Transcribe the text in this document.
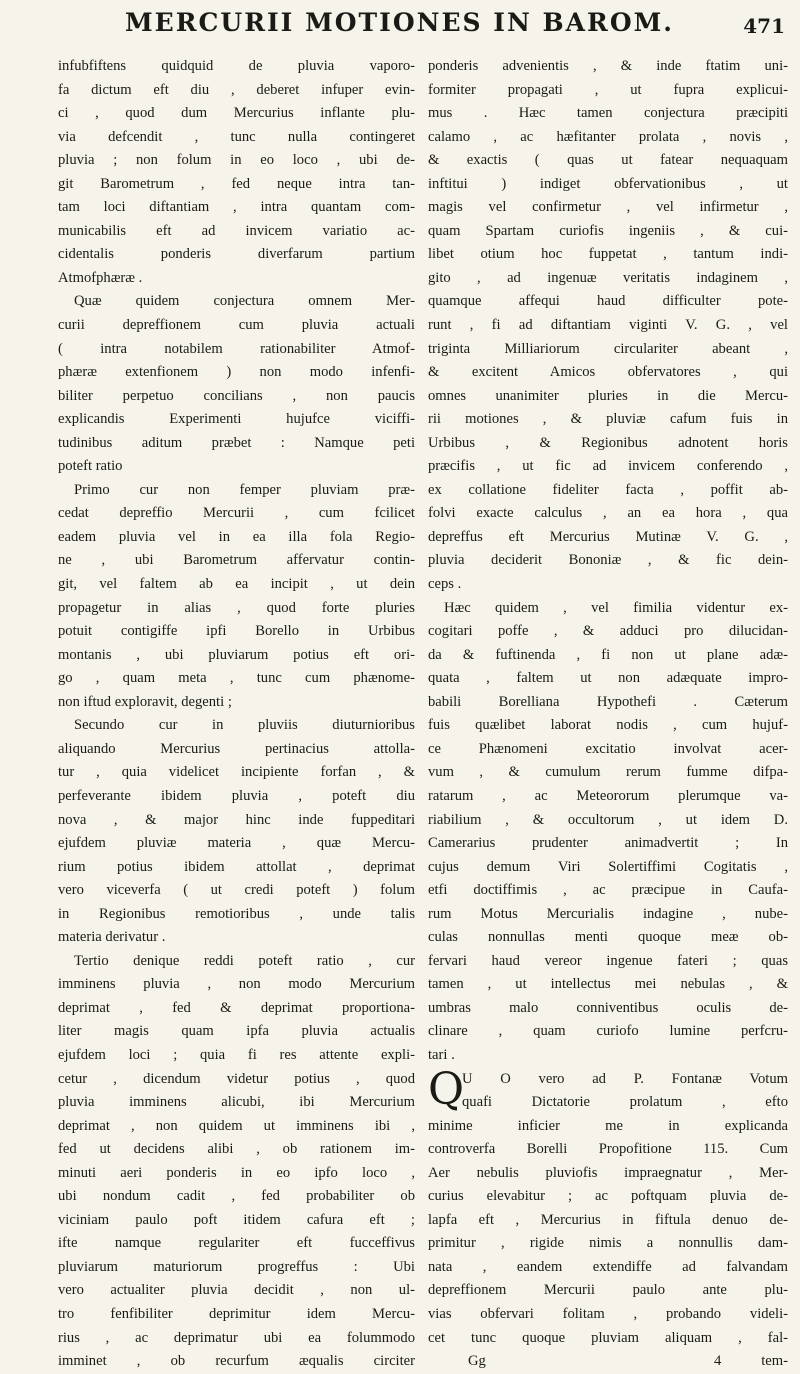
MERCURII MOTIONES IN BAROM.	471
infubfiftens quidquid de pluvia vaporo-
fa dictum eft diu , deberet infuper evin-
ci , quod dum Mercurius inflante plu-
via defcendit , tunc nulla contingeret
pluvia ; non folum in eo loco , ubi de-
git Barometrum , fed neque intra tan-
tam loci diftantiam , intra quantam com-
municabilis eft ad invicem variatio ac-
cidentalis ponderis diverfarum partium
Atmofphæræ .
Quæ quidem conjectura omnem Mer-
curii depreffionem cum pluvia actuali
( intra notabilem rationabiliter Atmof-
phæræ extenfionem ) non modo infenfi-
biliter perpetuo concilians , non paucis
explicandis Experimenti hujufce viciffi-
tudinibus aditum præbet : Namque peti
poteft ratio
Primo cur non femper pluviam præ-
cedat depreffio Mercurii , cum fcilicet
eadem pluvia vel in ea illa fola Regio-
ne , ubi Barometrum affervatur contin-
git, vel faltem ab ea incipit , ut dein
propagetur in alias , quod forte pluries
potuit contigiffe ipfi Borello in Urbibus
montanis , ubi pluviarum potius eft ori-
go , quam meta , tunc cum phænome-
non iftud exploravit, degenti ;
Secundo cur in pluviis diuturnioribus
aliquando Mercurius pertinacius attolla-
tur , quia videlicet incipiente forfan , &
perfeverante ibidem pluvia , poteft diu
nova , & major hinc inde fuppeditari
ejufdem pluviæ materia , quæ Mercu-
rium potius ibidem attollat , deprimat
vero viceverfa ( ut credi poteft ) folum
in Regionibus remotioribus , unde talis
materia derivatur .
Tertio denique reddi poteft ratio , cur
imminens pluvia , non modo Mercurium
deprimat , fed & deprimat proportiona-
liter magis quam ipfa pluvia actualis
ejufdem loci ; quia fi res attente expli-
cetur , dicendum videtur potius , quod
pluvia imminens alicubi, ibi Mercurium
deprimat , non quidem ut imminens ibi ,
fed ut decidens alibi , ob rationem im-
minuti aeri ponderis in eo ipfo loco ,
ubi nondum cadit , fed probabiliter ob
viciniam paulo poft itidem cafura eft ;
ifte namque regulariter eft fucceffivus
pluviarum maturiorum progreffus : Ubi
vero actualiter pluvia decidit , non ul-
tro fenfibiliter deprimitur idem Mercu-
rius , ac deprimatur ubi ea folummodo
imminet , ob recurfum æqualis circiter
ponderis advenientis , & inde ftatim uni-
formiter propagati , ut fupra explicui-
mus . Hæc tamen conjectura præcipiti
calamo , ac hæfitanter prolata , novis ,
& exactis ( quas ut fatear nequaquam
inftitui ) indiget obfervationibus , ut
magis vel confirmetur , vel infirmetur ,
quam Spartam curiofis ingeniis , & cui-
libet otium hoc fuppetat , tantum indi-
gito , ad ingenuæ veritatis indaginem ,
quamque affequi haud difficulter pote-
runt , fi ad diftantiam viginti V. G. , vel
triginta Milliariorum circulariter abeant ,
& excitent Amicos obfervatores , qui
omnes unanimiter pluries in die Mercu-
rii motiones , & pluviæ cafum fuis in
Urbibus , & Regionibus adnotent horis
præcifis , ut fic ad invicem conferendo ,
ex collatione fideliter facta , poffit ab-
folvi exacte calculus , an ea hora , qua
depreffus eft Mercurius Mutinæ V. G. ,
pluvia deciderit Bononiæ , & fic dein-
ceps .
Hæc quidem , vel fimilia videntur ex-
cogitari poffe , & adduci pro dilucidan-
da & fuftinenda , fi non ut plane adæ-
quata , faltem ut non adæquate impro-
babili Borelliana Hypothefi . Cæterum
fuis quælibet laborat nodis , cum hujuf-
ce Phænomeni excitatio involvat acer-
vum , & cumulum rerum fumme difpa-
ratarum , ac Meteororum plerumque va-
riabilium , & occultorum , ut idem D.
Camerarius prudenter animadvertit ; In
cujus demum Viri Solertiffimi Cogitatis ,
etfi doctiffimis , ac præcipue in Caufa-
rum Motus Mercurialis indagine , nube-
culas nonnullas menti quoque meæ ob-
fervari haud vereor ingenue fateri ; quas
tamen , ut intellectus mei nebulas , &
umbras malo conniventibus oculis de-
clinare , quam curiofo lumine perfcru-
tari .
Q
U O vero ad P. Fontanæ Votum
quafi Dictatorie prolatum , efto
minime inficier me in explicanda
controverfa Borelli Propofitione 115. Cum
Aer nebulis pluviofis impraegnatur , Mer-
curius elevabitur ; ac poftquam pluvia de-
lapfa eft , Mercurius in fiftula denuo de-
primitur , rigide nimis a nonnullis dam-
nata , eandem extendiffe ad falvandam
depreffionem Mercurii paulo ante plu-
vias obfervari folitam , probando videli-
cet tunc quoque pluviam aliquam , fal-
Gg 4	tem-
